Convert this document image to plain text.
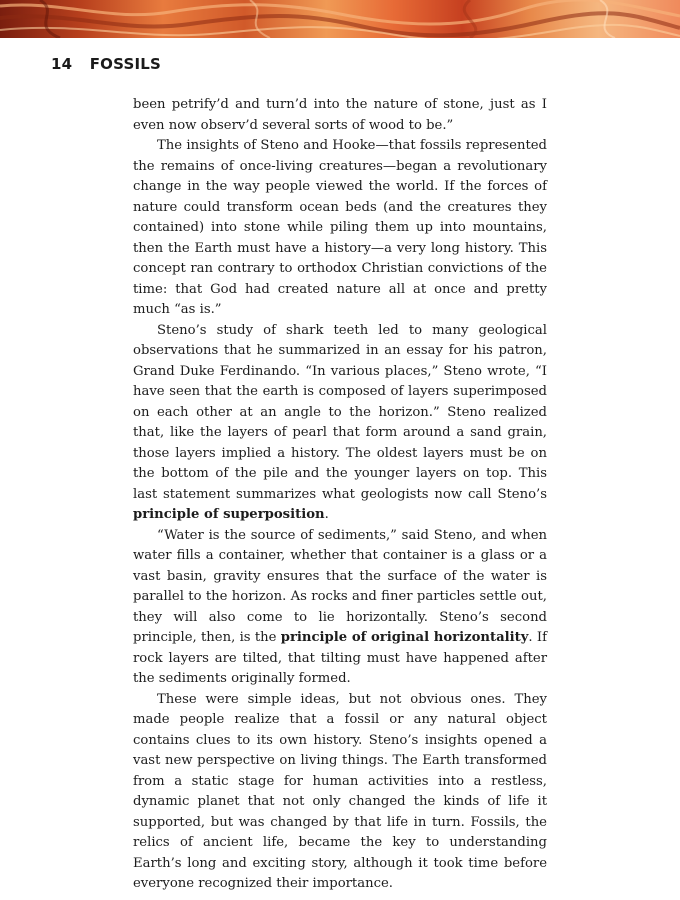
14 FOSSILS

been petrify’d and turn’d into the nature of stone, just as I even now observ’d several sorts of wood to be.”

The insights of Steno and Hooke—that fossils represented the remains of once-living creatures—began a revolutionary change in the way people viewed the world. If the forces of nature could transform ocean beds (and the creatures they contained) into stone while piling them up into mountains, then the Earth must have a history—a very long history. This concept ran contrary to orthodox Christian convictions of the time: that God had created nature all at once and pretty much “as is.”

Steno’s study of shark teeth led to many geological observations that he summarized in an essay for his patron, Grand Duke Ferdinando. “In various places,” Steno wrote, “I have seen that the earth is composed of layers superimposed on each other at an angle to the horizon.” Steno realized that, like the layers of pearl that form around a sand grain, those layers implied a history. The oldest layers must be on the bottom of the pile and the younger layers on top. This last statement summarizes what geologists now call Steno’s principle of superposition.

“Water is the source of sediments,” said Steno, and when water fills a container, whether that container is a glass or a vast basin, gravity ensures that the surface of the water is parallel to the horizon. As rocks and finer particles settle out, they will also come to lie horizontally. Steno’s second principle, then, is the principle of original horizontality. If rock layers are tilted, that tilting must have happened after the sediments originally formed.

These were simple ideas, but not obvious ones. They made people realize that a fossil or any natural object contains clues to its own history. Steno’s insights opened a vast new perspective on living things. The Earth transformed from a static stage for human activities into a restless, dynamic planet that not only changed the kinds of life it supported, but was changed by that life in turn. Fossils, the relics of ancient life, became the key to understanding Earth’s long and exciting story, although it took time before everyone recognized their importance.
